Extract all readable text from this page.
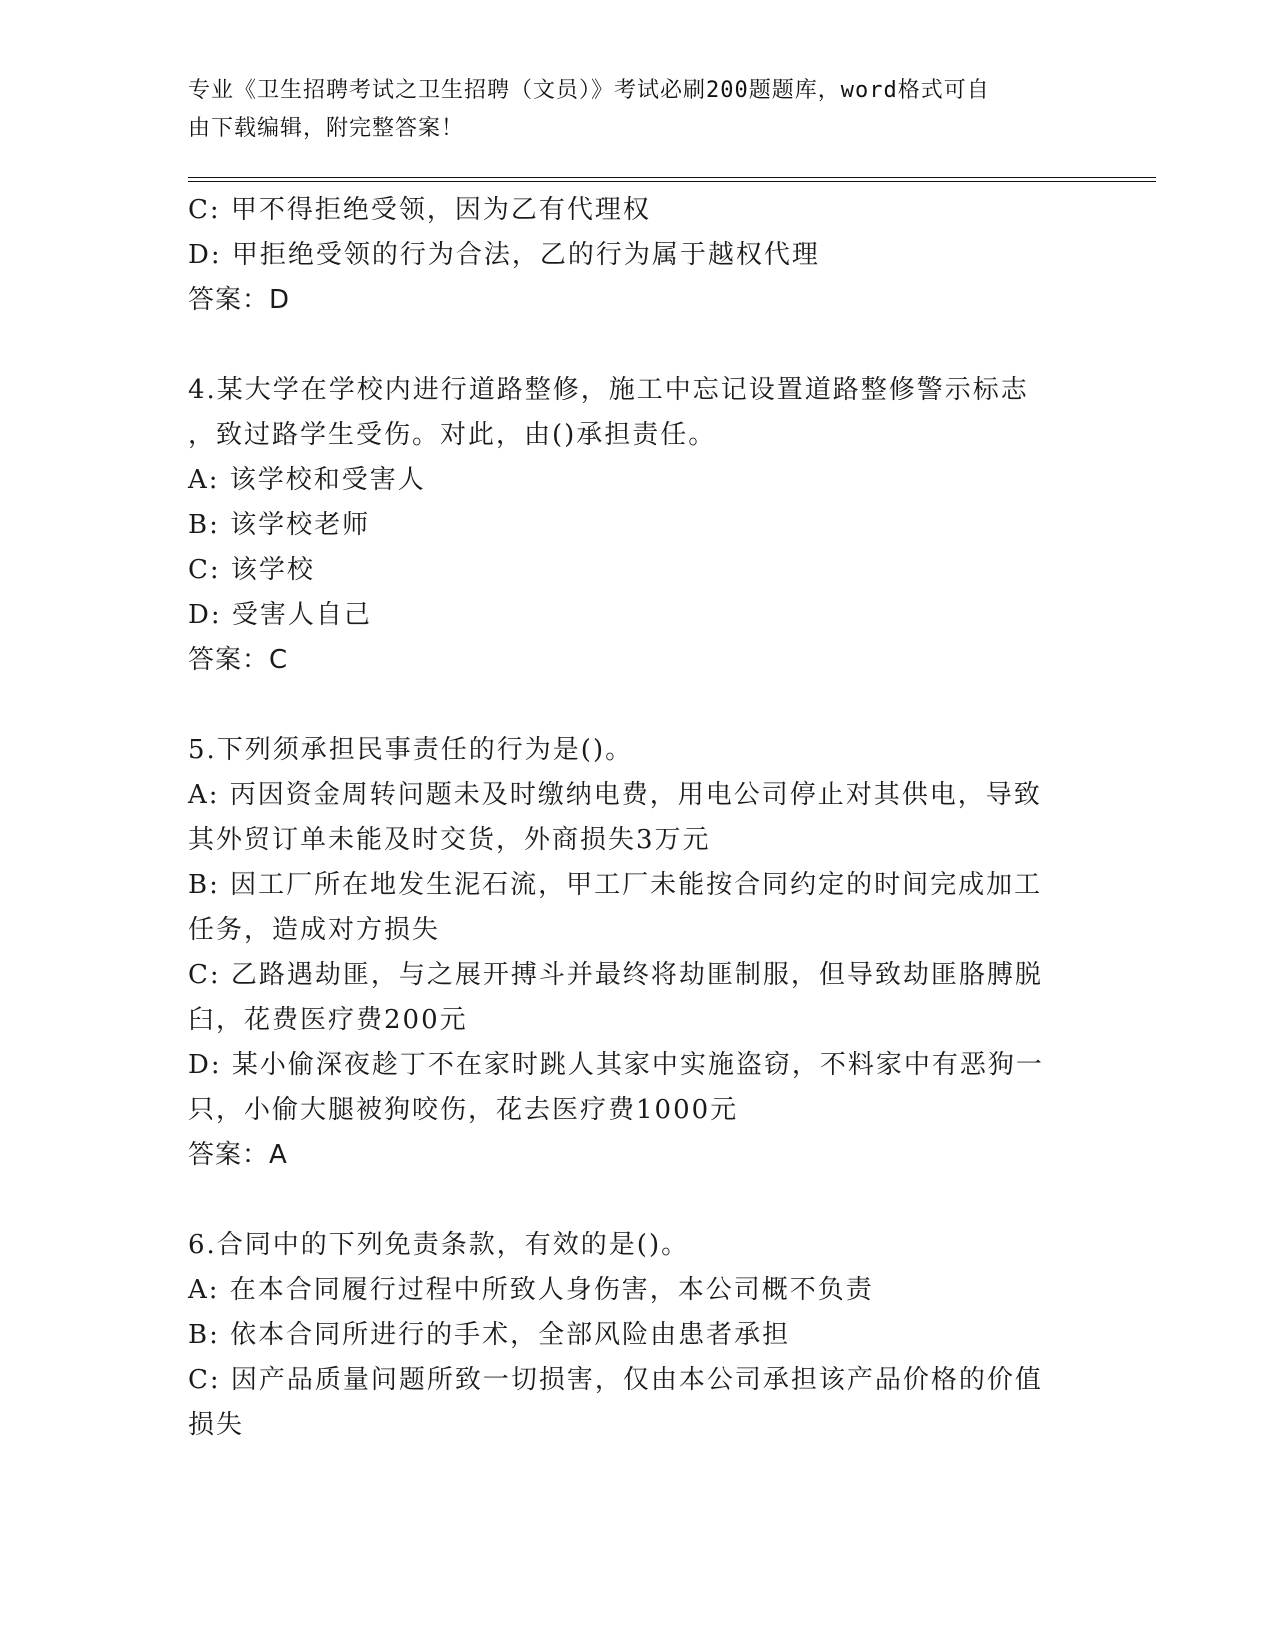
专业《卫生招聘考试之卫生招聘（文员）》考试必刷200题题库，word格式可自
由下载编辑，附完整答案！
C: 甲不得拒绝受领，因为乙有代理权
D: 甲拒绝受领的行为合法，乙的行为属于越权代理
答案：D
4.某大学在学校内进行道路整修，施工中忘记设置道路整修警示标志
，致过路学生受伤。对此，由()承担责任。
A: 该学校和受害人
B: 该学校老师
C: 该学校
D: 受害人自己
答案：C
5.下列须承担民事责任的行为是()。
A: 丙因资金周转问题未及时缴纳电费，用电公司停止对其供电，导致
其外贸订单未能及时交货，外商损失3万元
B: 因工厂所在地发生泥石流，甲工厂未能按合同约定的时间完成加工
任务，造成对方损失
C: 乙路遇劫匪，与之展开搏斗并最终将劫匪制服，但导致劫匪胳膊脱
臼，花费医疗费200元
D: 某小偷深夜趁丁不在家时跳人其家中实施盗窃，不料家中有恶狗一
只，小偷大腿被狗咬伤，花去医疗费1000元
答案：A
6.合同中的下列免责条款，有效的是()。
A: 在本合同履行过程中所致人身伤害，本公司概不负责
B: 依本合同所进行的手术，全部风险由患者承担
C: 因产品质量问题所致一切损害，仅由本公司承担该产品价格的价值
损失
